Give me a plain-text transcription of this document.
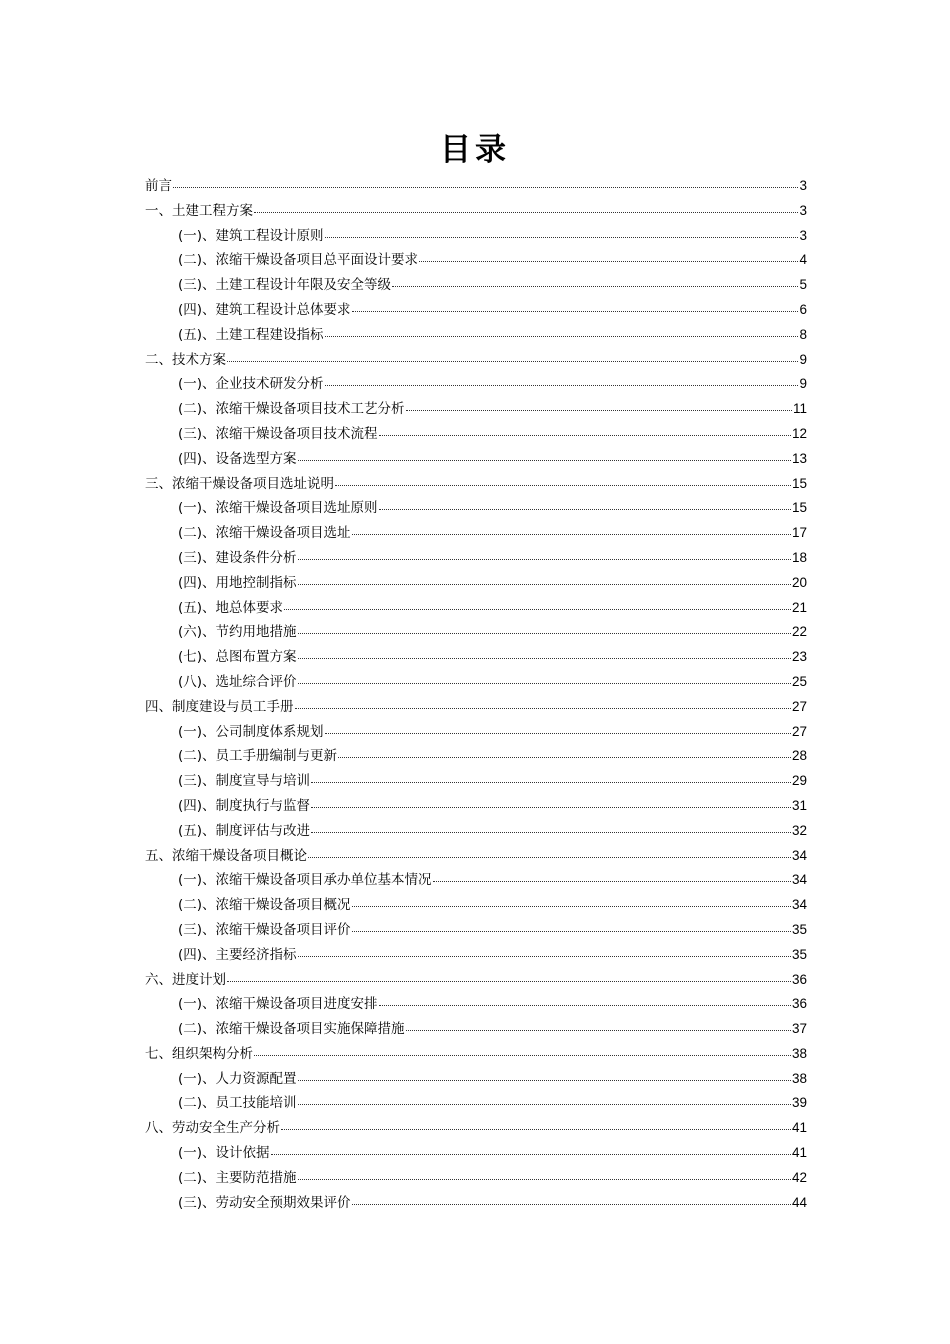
目录
前言	3
一、土建工程方案	3
(一)、建筑工程设计原则	3
(二)、浓缩干燥设备项目总平面设计要求	4
(三)、土建工程设计年限及安全等级	5
(四)、建筑工程设计总体要求	6
(五)、土建工程建设指标	8
二、技术方案	9
(一)、企业技术研发分析	9
(二)、浓缩干燥设备项目技术工艺分析	11
(三)、浓缩干燥设备项目技术流程	12
(四)、设备选型方案	13
三、浓缩干燥设备项目选址说明	15
(一)、浓缩干燥设备项目选址原则	15
(二)、浓缩干燥设备项目选址	17
(三)、建设条件分析	18
(四)、用地控制指标	20
(五)、地总体要求	21
(六)、节约用地措施	22
(七)、总图布置方案	23
(八)、选址综合评价	25
四、制度建设与员工手册	27
(一)、公司制度体系规划	27
(二)、员工手册编制与更新	28
(三)、制度宣导与培训	29
(四)、制度执行与监督	31
(五)、制度评估与改进	32
五、浓缩干燥设备项目概论	34
(一)、浓缩干燥设备项目承办单位基本情况	34
(二)、浓缩干燥设备项目概况	34
(三)、浓缩干燥设备项目评价	35
(四)、主要经济指标	35
六、进度计划	36
(一)、浓缩干燥设备项目进度安排	36
(二)、浓缩干燥设备项目实施保障措施	37
七、组织架构分析	38
(一)、人力资源配置	38
(二)、员工技能培训	39
八、劳动安全生产分析	41
(一)、设计依据	41
(二)、主要防范措施	42
(三)、劳动安全预期效果评价	44
